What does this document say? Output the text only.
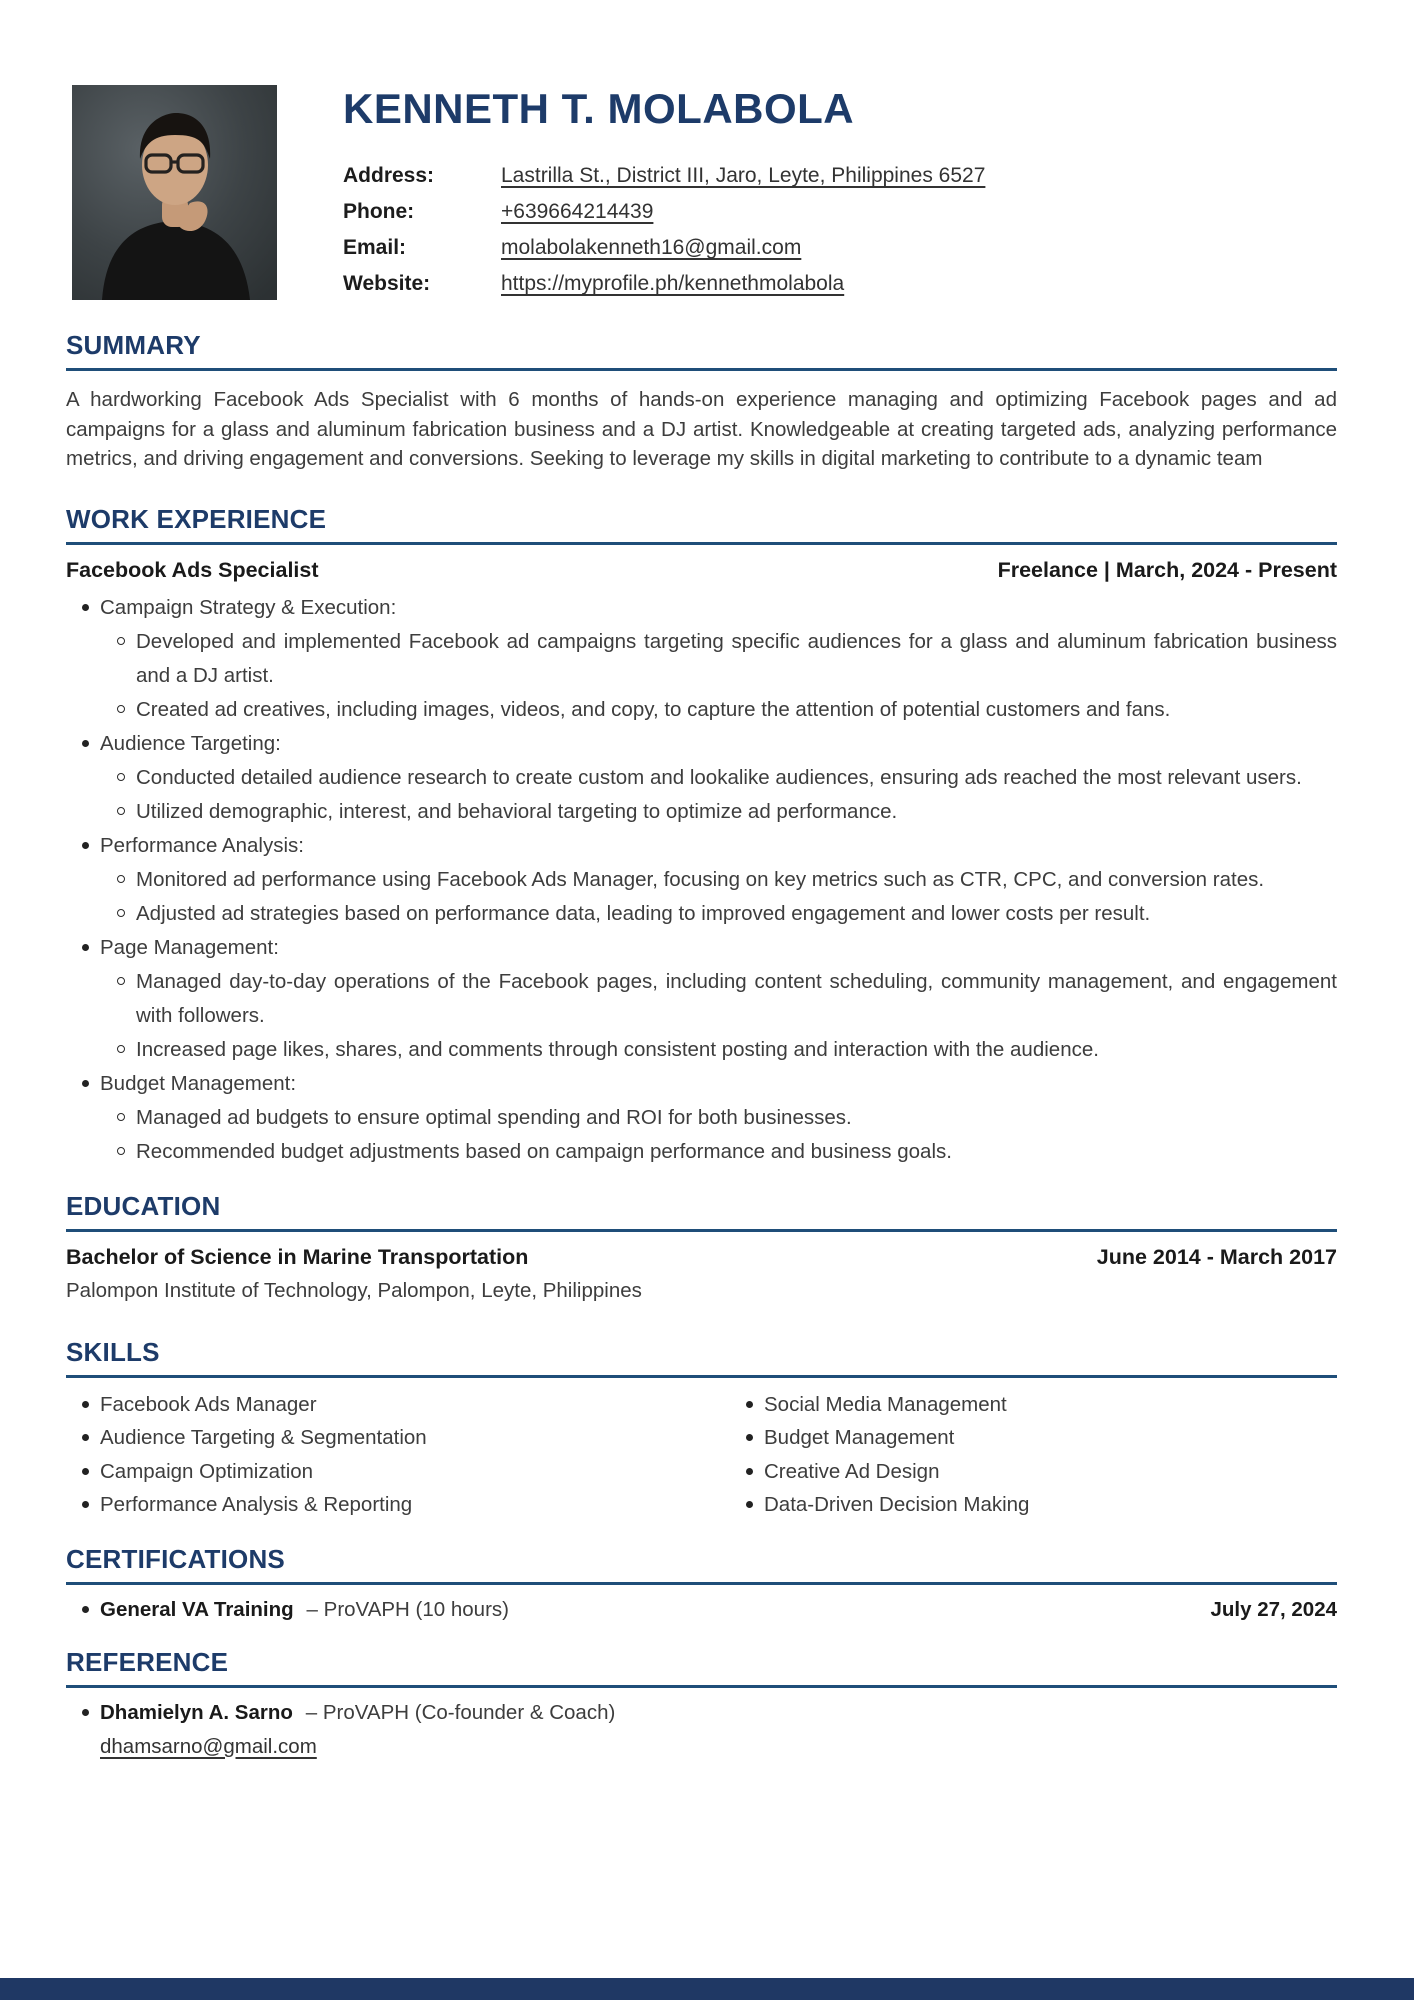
KENNETH T. MOLABOLA
Address:	Lastrilla St., District III, Jaro, Leyte, Philippines 6527
Phone:	+639664214439
Email:	molabolakenneth16@gmail.com
Website:	https://myprofile.ph/kennethmolabola
SUMMARY

A hardworking Facebook Ads Specialist with 6 months of hands-on experience managing and optimizing Facebook pages and ad campaigns for a glass and aluminum fabrication business and a DJ artist. Knowledgeable at creating targeted ads, analyzing performance metrics, and driving engagement and conversions. Seeking to leverage my skills in digital marketing to contribute to a dynamic team

WORK EXPERIENCE
Facebook Ads Specialist	Freelance | March, 2024 - Present
Campaign Strategy & Execution:
Developed and implemented Facebook ad campaigns targeting specific audiences for a glass and aluminum fabrication business and a DJ artist.
Created ad creatives, including images, videos, and copy, to capture the attention of potential customers and fans.
Audience Targeting:
Conducted detailed audience research to create custom and lookalike audiences, ensuring ads reached the most relevant users.
Utilized demographic, interest, and behavioral targeting to optimize ad performance.
Performance Analysis:
Monitored ad performance using Facebook Ads Manager, focusing on key metrics such as CTR, CPC, and conversion rates.
Adjusted ad strategies based on performance data, leading to improved engagement and lower costs per result.
Page Management:
Managed day-to-day operations of the Facebook pages, including content scheduling, community management, and engagement with followers.
Increased page likes, shares, and comments through consistent posting and interaction with the audience.
Budget Management:
Managed ad budgets to ensure optimal spending and ROI for both businesses.
Recommended budget adjustments based on campaign performance and business goals.
EDUCATION
Bachelor of Science in Marine Transportation	June 2014 - March 2017
Palompon Institute of Technology, Palompon, Leyte, Philippines
SKILLS
Facebook Ads Manager
Audience Targeting & Segmentation
Campaign Optimization
Performance Analysis & Reporting
Social Media Management
Budget Management
Creative Ad Design
Data-Driven Decision Making
CERTIFICATIONS
General VA Training – ProVAPH (10 hours)	July 27, 2024
REFERENCE
Dhamielyn A. Sarno – ProVAPH (Co-founder & Coach)
dhamsarno@gmail.com
